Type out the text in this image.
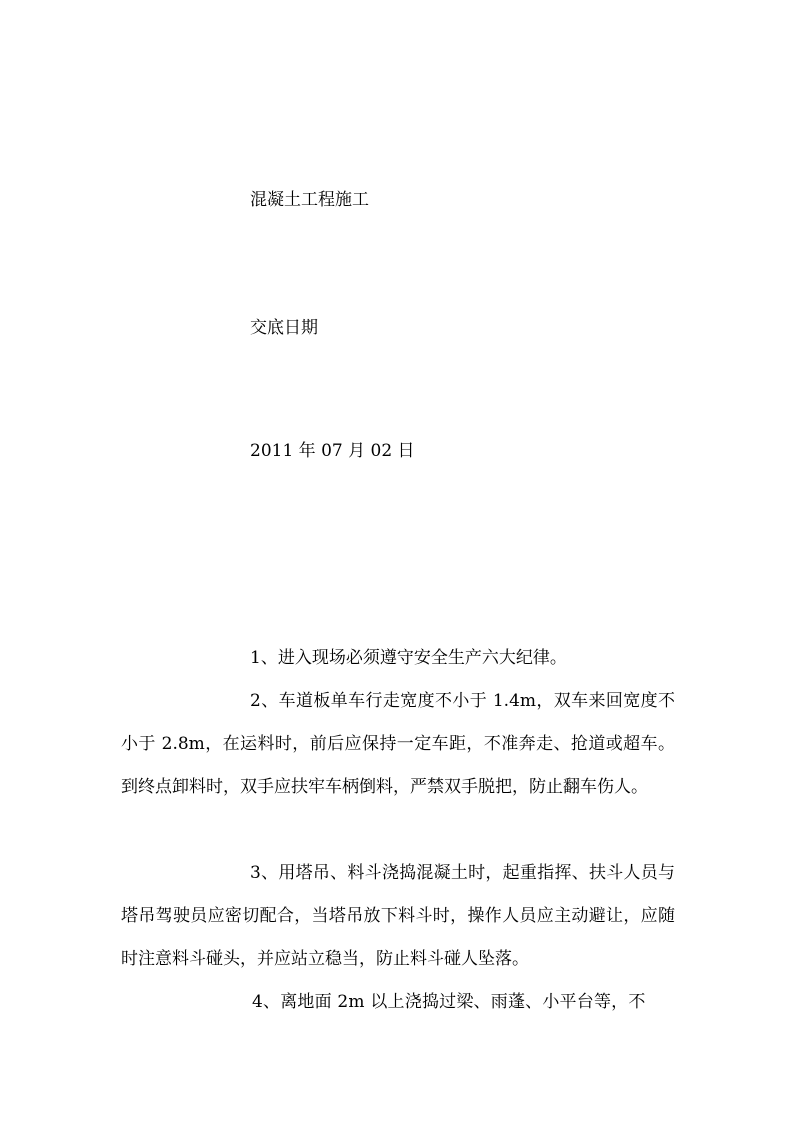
混凝土工程施工

交底日期

2011 年 07 月 02 日

1、进入现场必须遵守安全生产六大纪律。

2、车道板单车行走宽度不小于 1.4m，双车来回宽度不小于 2.8m，在运料时，前后应保持一定车距，不准奔走、抢道或超车。到终点卸料时，双手应扶牢车柄倒料，严禁双手脱把，防止翻车伤人。

3、用塔吊、料斗浇捣混凝土时，起重指挥、扶斗人员与塔吊驾驶员应密切配合，当塔吊放下料斗时，操作人员应主动避让，应随时注意料斗碰头，并应站立稳当，防止料斗碰人坠落。

4、离地面 2m 以上浇捣过梁、雨蓬、小平台等，不
